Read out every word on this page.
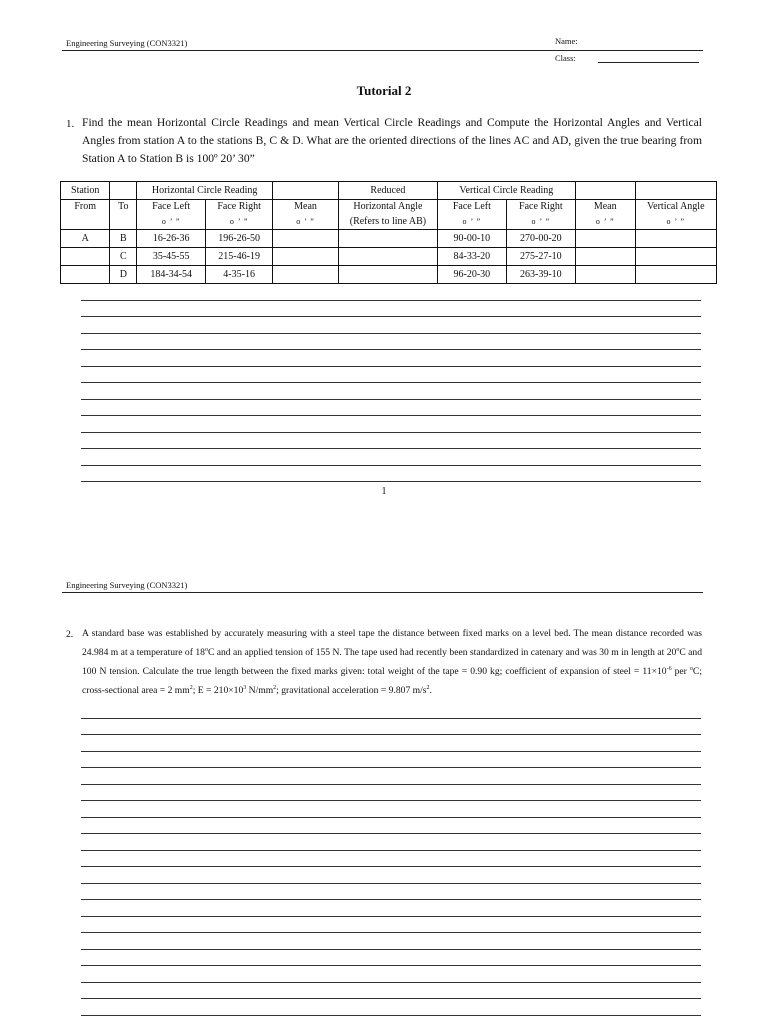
Engineering Surveying (CON3321)	Name:
Class:
Tutorial 2
1. Find the mean Horizontal Circle Readings and mean Vertical Circle Readings and Compute the Horizontal Angles and Vertical Angles from station A to the stations B, C & D. What are the oriented directions of the lines AC and AD, given the true bearing from Station A to Station B is 100º 20’ 30”
Station		Horizontal Circle Reading			Reduced	Vertical Circle Reading			
From	To	Face Left	Face Right	Mean	Horizontal Angle	Face Left	Face Right	Mean	Vertical Angle
		o ’ ”	o ’ ”	o ’ ”	(Refers to line AB)	o ’ ”	o ’ ”	o ’ ”	o ’ ”
A	B	16-26-36	196-26-50			90-00-10	270-00-20		
	C	35-45-55	215-46-19			84-33-20	275-27-10		
	D	184-34-54	4-35-16			96-20-30	263-39-10		
1
Engineering Surveying (CON3321)
2. A standard base was established by accurately measuring with a steel tape the distance between fixed marks on a level bed. The mean distance recorded was 24.984 m at a temperature of 18$^o$C and an applied tension of 155 N. The tape used had recently been standardized in catenary and was 30 m in length at 20$^o$C and 100 N tension. Calculate the true length between the fixed marks given: total weight of the tape = 0.90 kg; coefficient of expansion of steel = $11\times 10^{-6}$ per $^o$C; cross-sectional area = 2 $mm^2$; $E = 210\times 10^3$ $N/mm^2$; gravitational acceleration = 9.807 $m/s^2$.
